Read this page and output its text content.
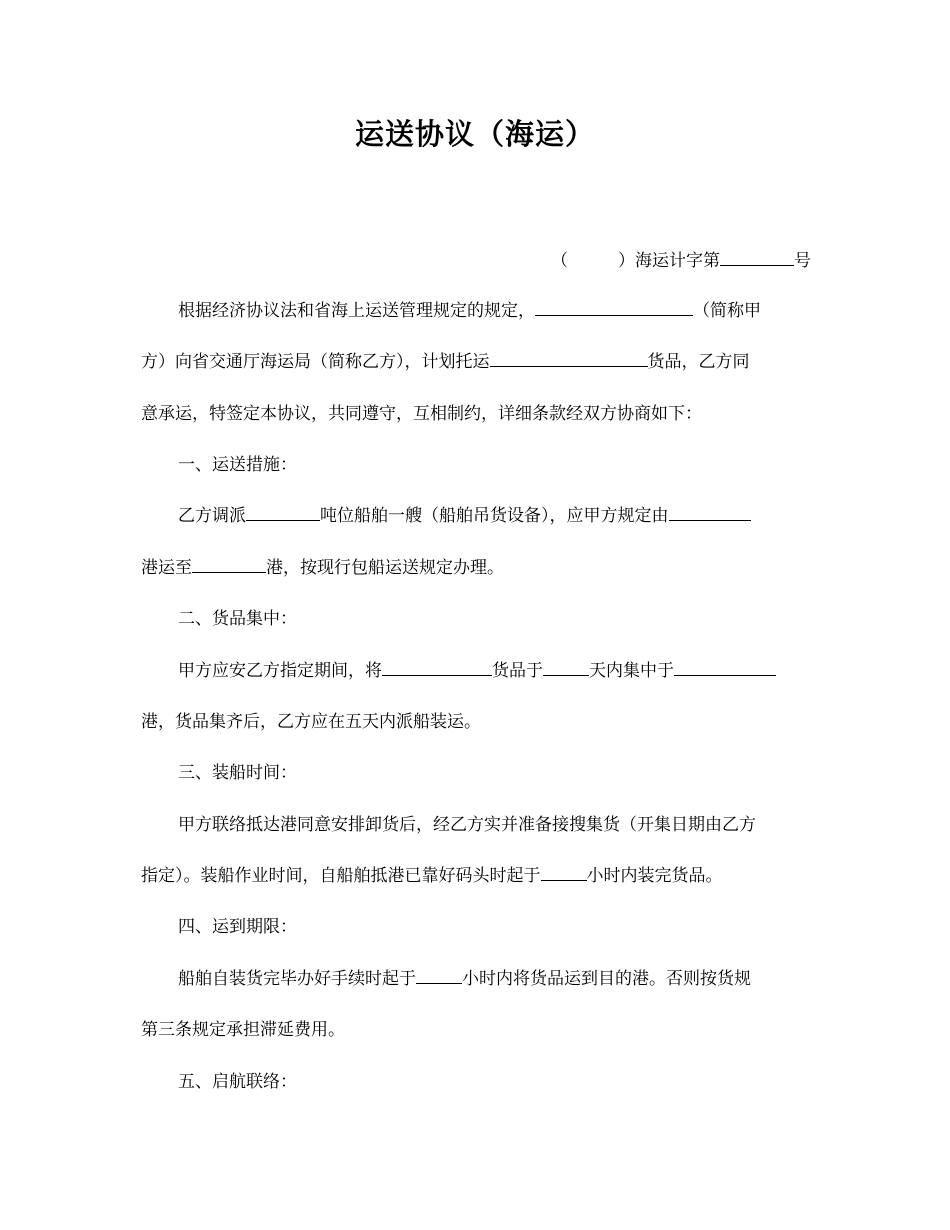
运送协议（海运）
（	）海运计字第	号
根据经济协议法和省海上运送管理规定的规定，	（简称甲
方）向省交通厅海运局（简称乙方），计划托运	货品，乙方同
意承运，特签定本协议，共同遵守，互相制约，详细条款经双方协商如下：
一、运送措施：
乙方调派	吨位船舶一艘（船舶吊货设备），应甲方规定由
港运至	港，按现行包船运送规定办理。
二、货品集中：
甲方应安乙方指定期间，将	货品于	天内集中于
港，货品集齐后，乙方应在五天内派船装运。
三、装船时间：
甲方联络抵达港同意安排卸货后，经乙方实并准备接搜集货（开集日期由乙方
指定）。装船作业时间，自船舶抵港已靠好码头时起于	小时内装完货品。
四、运到期限：
船舶自装货完毕办好手续时起于	小时内将货品运到目的港。否则按货规
第三条规定承担滞延费用。
五、启航联络：
